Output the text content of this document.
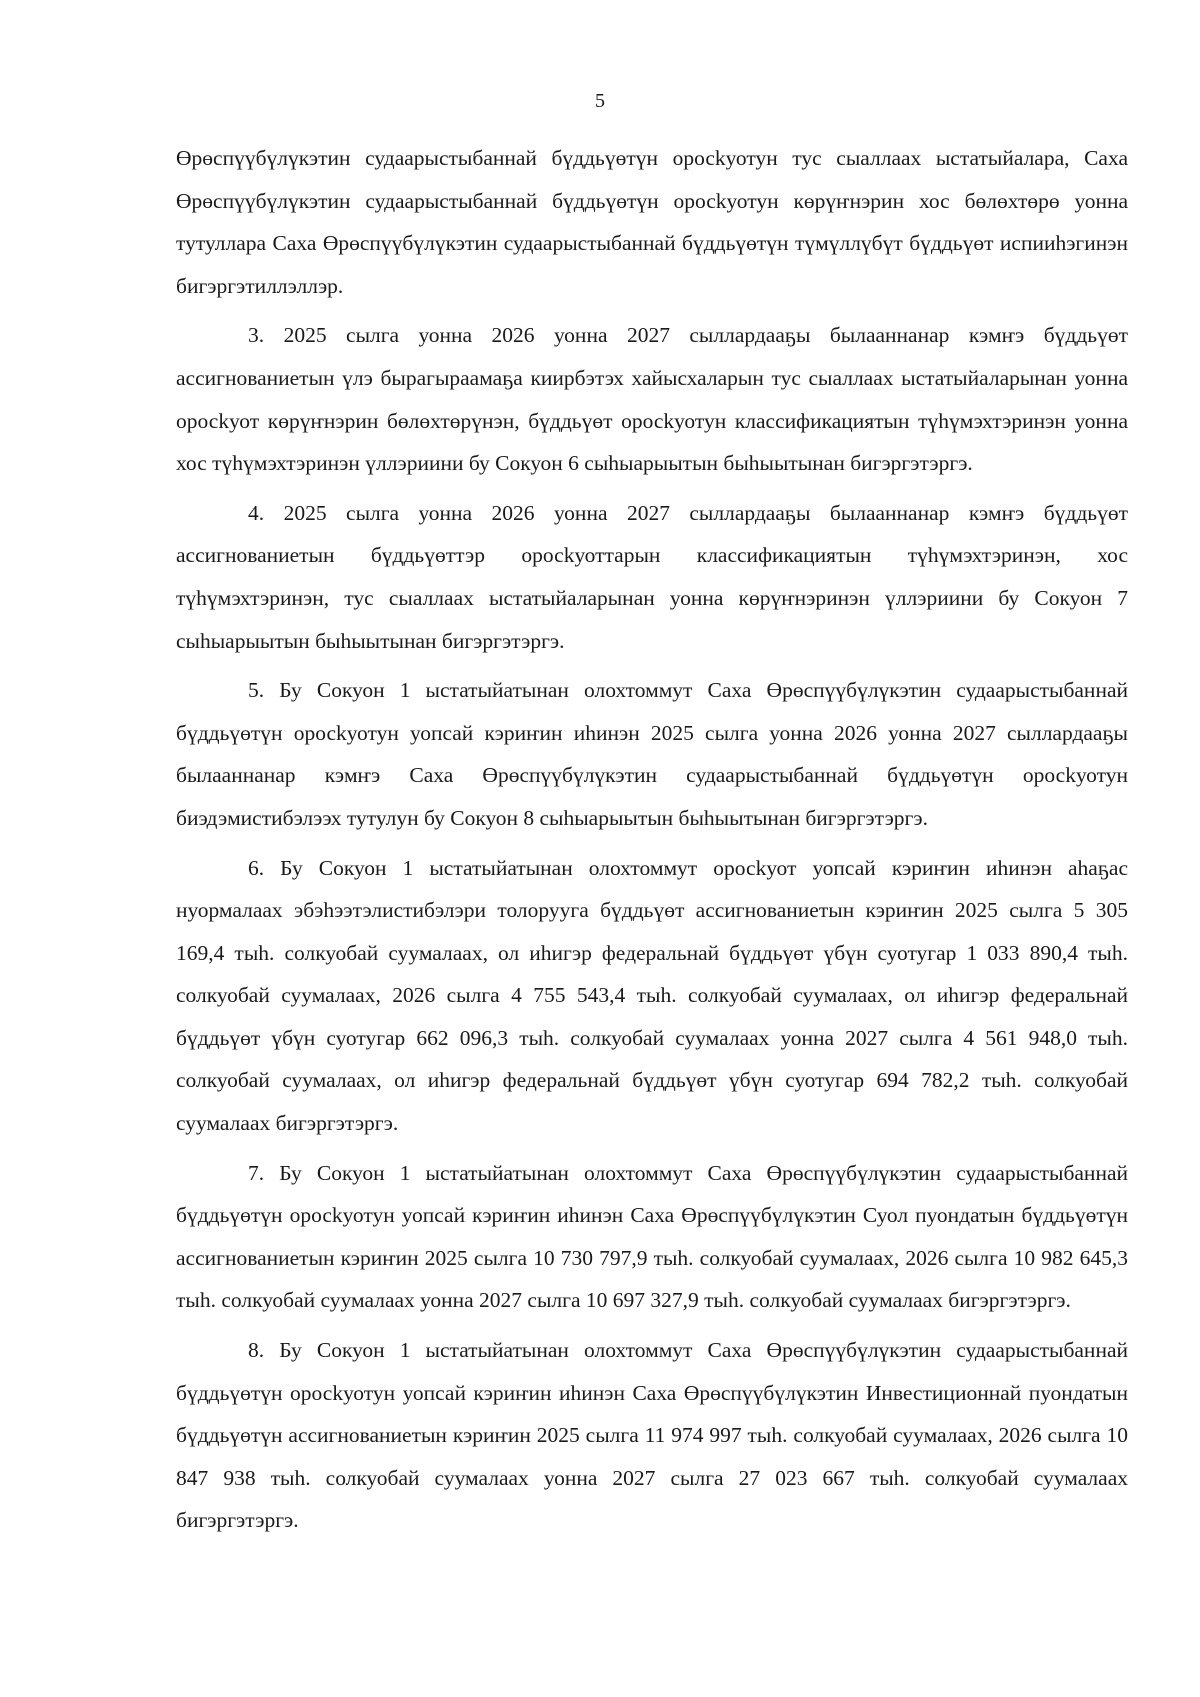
5

Өрөспүүбүлүкэтин судаарыстыбаннай бүддьүөтүн оросkуотун тус сыаллаах ыстатыйалара, Саха Өрөспүүбүлүкэтин судаарыстыбаннай бүддьүөтүн оросkуотун көрүҥнэрин хос бөлөхтөрө уонна тутуллара Саха Өрөспүүбүлүкэтин судаарыстыбаннай бүддьүөтүн түмүллүбүт бүддьүөт испииһэгинэн бигэргэтиллэллэр.

3. 2025 сылга уонна 2026 уонна 2027 сыллардааҕы былааннанар кэмҥэ бүддьүөт ассигнованиетын үлэ бырагыраамаҕа киирбэтэх хайысхаларын тус сыаллаах ыстатыйаларынан уонна оросkуот көрүҥнэрин бөлөхтөрүнэн, бүддьүөт оросkуотун классификациятын түһүмэхтэринэн уонна хос түһүмэхтэринэн үллэриини бу Сокуон 6 сыһыарыытын быһыытынан бигэргэтэргэ.

4. 2025 сылга уонна 2026 уонна 2027 сыллардааҕы былааннанар кэмҥэ бүддьүөт ассигнованиетын бүддьүөттэр оросkуоттарын классификациятын түһүмэхтэринэн, хос түһүмэхтэринэн, тус сыаллаах ыстатыйаларынан уонна көрүҥнэринэн үллэриини бу Сокуон 7 сыһыарыытын быһыытынан бигэргэтэргэ.

5. Бу Сокуон 1 ыстатыйатынан олохтоммут Саха Өрөспүүбүлүкэтин судаарыстыбаннай бүддьүөтүн оросkуотун уопсай кэриҥин иһинэн 2025 сылга уонна 2026 уонна 2027 сыллардааҕы былааннанар кэмҥэ Саха Өрөспүүбүлүкэтин судаарыстыбаннай бүддьүөтүн оросkуотун биэдэмистибэлээх тутулун бу Сокуон 8 сыһыарыытын быһыытынан бигэргэтэргэ.

6. Бу Сокуон 1 ыстатыйатынан олохтоммут оросkуот уопсай кэриҥин иһинэн аһаҕас нуормалаах эбэһээтэлистибэлэри толорууга бүддьүөт ассигнованиетын кэриҥин 2025 сылга 5 305 169,4 тыһ. солкуобай суумалаах, ол иһигэр федеральнай бүддьүөт үбүн суотугар 1 033 890,4 тыһ. солкуобай суумалаах, 2026 сылга 4 755 543,4 тыһ. солкуобай суумалаах, ол иһигэр федеральнай бүддьүөт үбүн суотугар 662 096,3 тыһ. солкуобай суумалаах уонна 2027 сылга 4 561 948,0 тыһ. солкуобай суумалаах, ол иһигэр федеральнай бүддьүөт үбүн суотугар 694 782,2 тыһ. солкуобай суумалаах бигэргэтэргэ.

7. Бу Сокуон 1 ыстатыйатынан олохтоммут Саха Өрөспүүбүлүкэтин судаарыстыбаннай бүддьүөтүн оросkуотун уопсай кэриҥин иһинэн Саха Өрөспүүбүлүкэтин Суол пуондатын бүддьүөтүн ассигнованиетын кэриҥин 2025 сылга 10 730 797,9 тыһ. солкуобай суумалаах, 2026 сылга 10 982 645,3 тыһ. солкуобай суумалаах уонна 2027 сылга 10 697 327,9 тыһ. солкуобай суумалаах бигэргэтэргэ.

8. Бу Сокуон 1 ыстатыйатынан олохтоммут Саха Өрөспүүбүлүкэтин судаарыстыбаннай бүддьүөтүн оросkуотун уопсай кэриҥин иһинэн Саха Өрөспүүбүлүкэтин Инвестиционнай пуондатын бүддьүөтүн ассигнованиетын кэриҥин 2025 сылга 11 974 997 тыһ. солкуобай суумалаах, 2026 сылга 10 847 938 тыһ. солкуобай суумалаах уонна 2027 сылга 27 023 667 тыһ. солкуобай суумалаах бигэргэтэргэ.
